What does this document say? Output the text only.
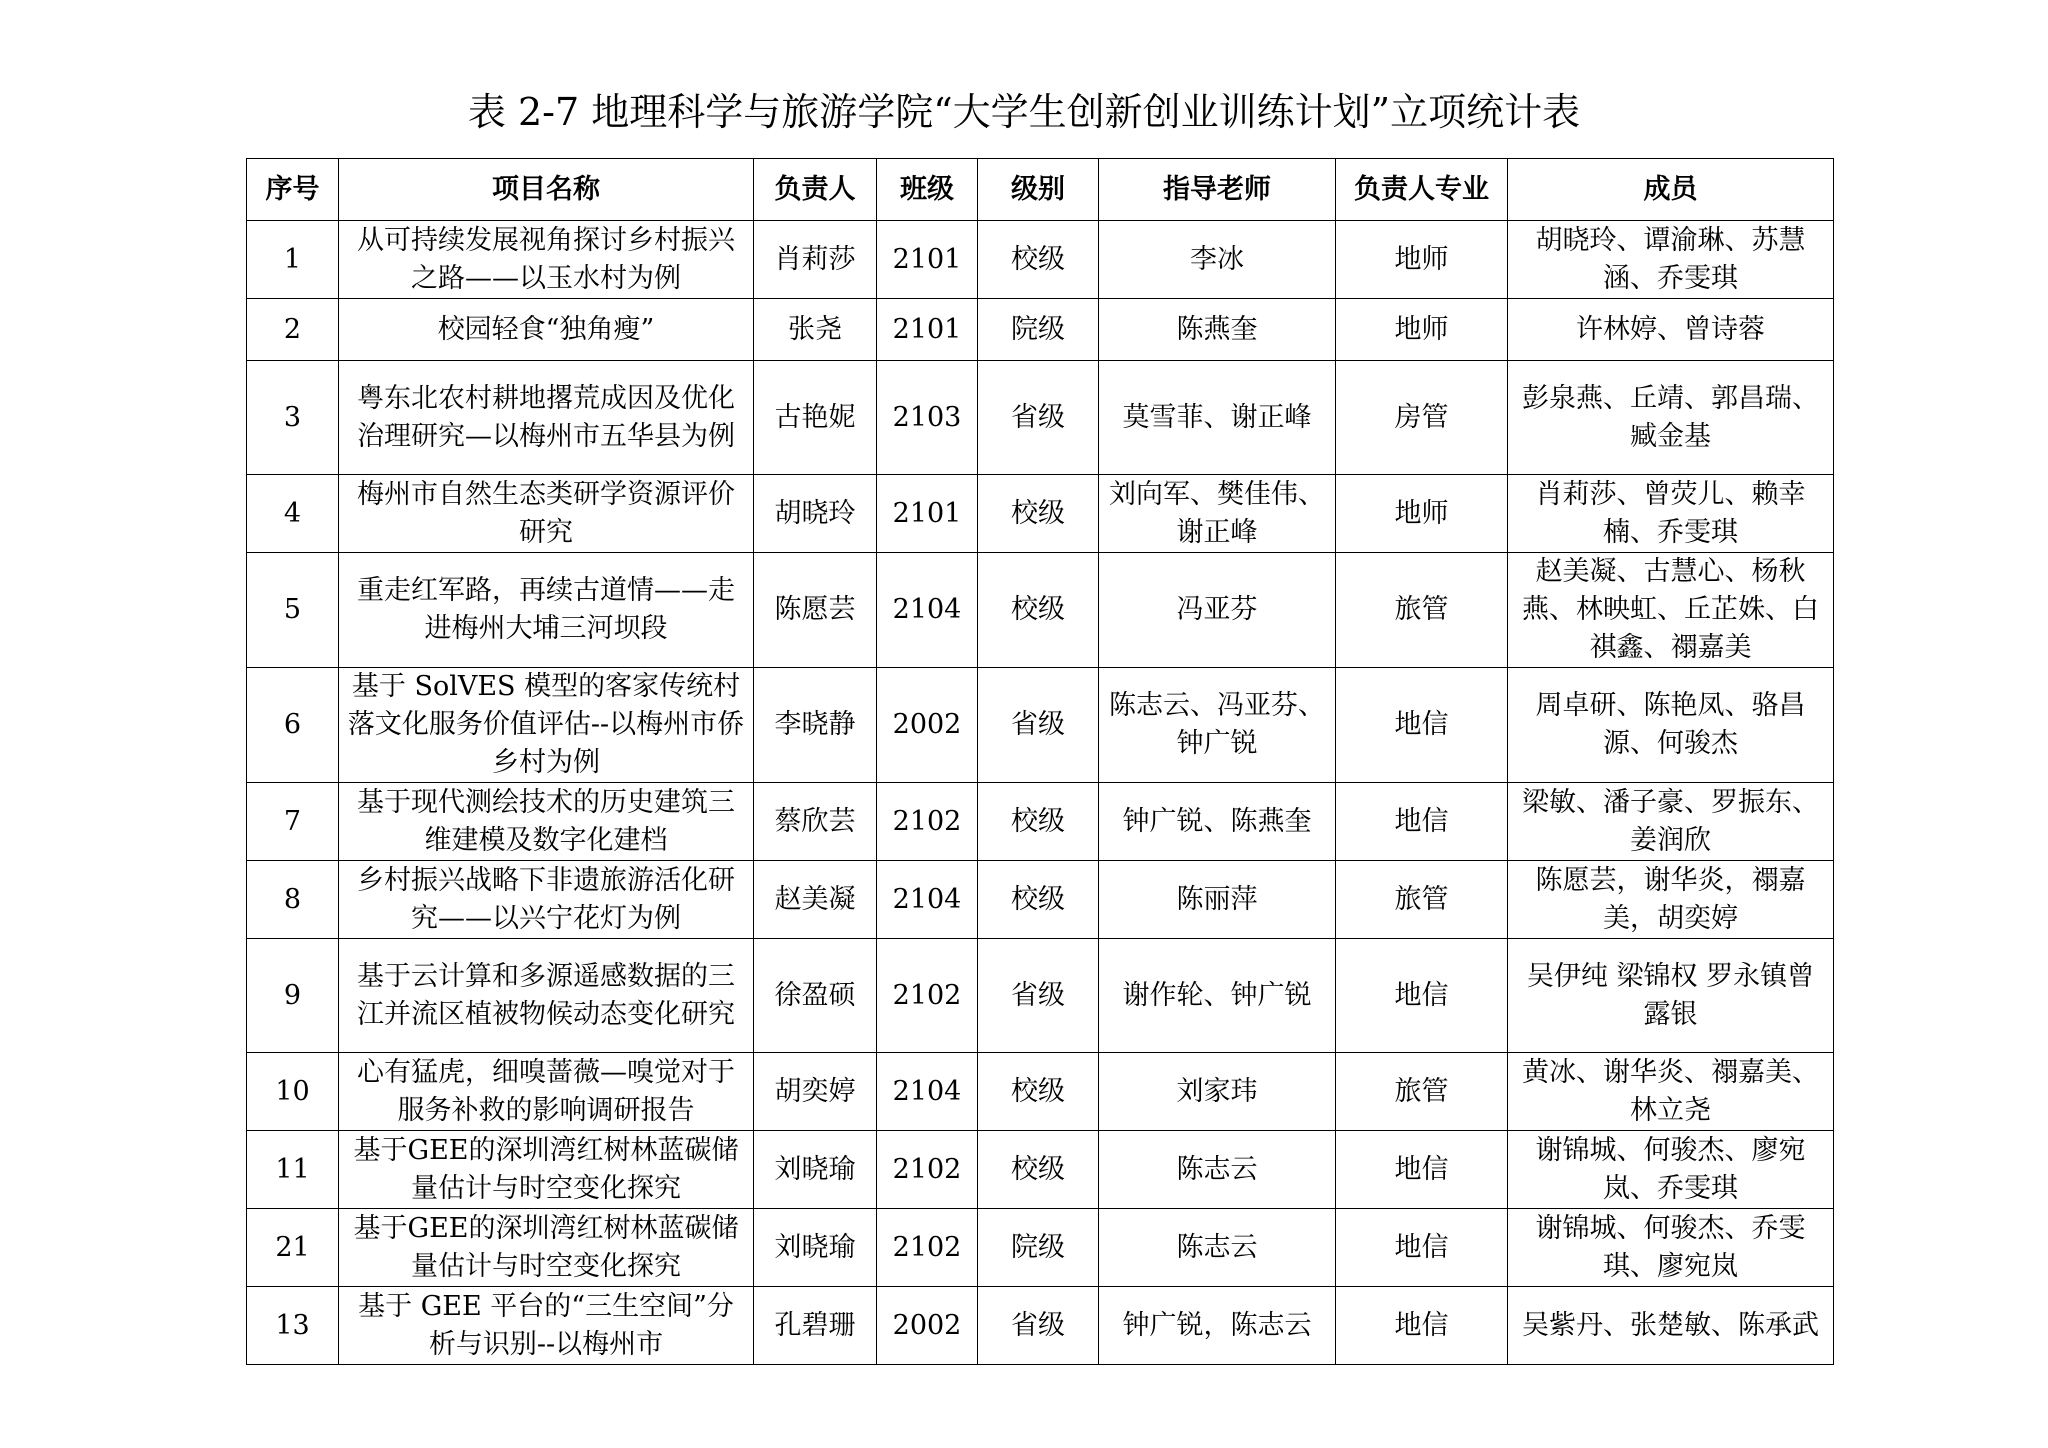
表 2-7 地理科学与旅游学院“大学生创新创业训练计划”立项统计表
序号	项目名称	负责人	班级	级别	指导老师	负责人专业	成员
1	从可持续发展视角探讨乡村振兴之路——以玉水村为例	肖莉莎	2101	校级	李冰	地师	胡晓玲、谭渝琳、苏慧涵、乔雯琪
2	校园轻食“独角瘦”	张尧	2101	院级	陈燕奎	地师	许林婷、曾诗蓉
3	粤东北农村耕地撂荒成因及优化治理研究—以梅州市五华县为例	古艳妮	2103	省级	莫雪菲、谢正峰	房管	彭泉燕、丘靖、郭昌瑞、臧金基
4	梅州市自然生态类研学资源评价研究	胡晓玲	2101	校级	刘向军、樊佳伟、谢正峰	地师	肖莉莎、曾荧儿、赖幸楠、乔雯琪
5	重走红军路，再续古道情——走进梅州大埔三河坝段	陈愿芸	2104	校级	冯亚芬	旅管	赵美凝、古慧心、杨秋燕、林映虹、丘芷姝、白祺鑫、禤嘉美
6	基于 SolVES 模型的客家传统村落文化服务价值评估--以梅州市侨乡村为例	李晓静	2002	省级	陈志云、冯亚芬、钟广锐	地信	周卓研、陈艳凤、骆昌源、何骏杰
7	基于现代测绘技术的历史建筑三维建模及数字化建档	蔡欣芸	2102	校级	钟广锐、陈燕奎	地信	梁敏、潘子豪、罗振东、姜润欣
8	乡村振兴战略下非遗旅游活化研究——以兴宁花灯为例	赵美凝	2104	校级	陈丽萍	旅管	陈愿芸，谢华炎，禤嘉美，胡奕婷
9	基于云计算和多源遥感数据的三江并流区植被物候动态变化研究	徐盈硕	2102	省级	谢作轮、钟广锐	地信	吴伊纯 梁锦权 罗永镇曾露银
10	心有猛虎，细嗅蔷薇—嗅觉对于服务补救的影响调研报告	胡奕婷	2104	校级	刘家玮	旅管	黄冰、谢华炎、禤嘉美、林立尧
11	基于GEE的深圳湾红树林蓝碳储量估计与时空变化探究	刘晓瑜	2102	校级	陈志云	地信	谢锦城、何骏杰、廖宛岚、乔雯琪
21	基于GEE的深圳湾红树林蓝碳储量估计与时空变化探究	刘晓瑜	2102	院级	陈志云	地信	谢锦城、何骏杰、乔雯琪、廖宛岚
13	基于 GEE 平台的“三生空间”分析与识别--以梅州市	孔碧珊	2002	省级	钟广锐，陈志云	地信	吴紫丹、张楚敏、陈承武
